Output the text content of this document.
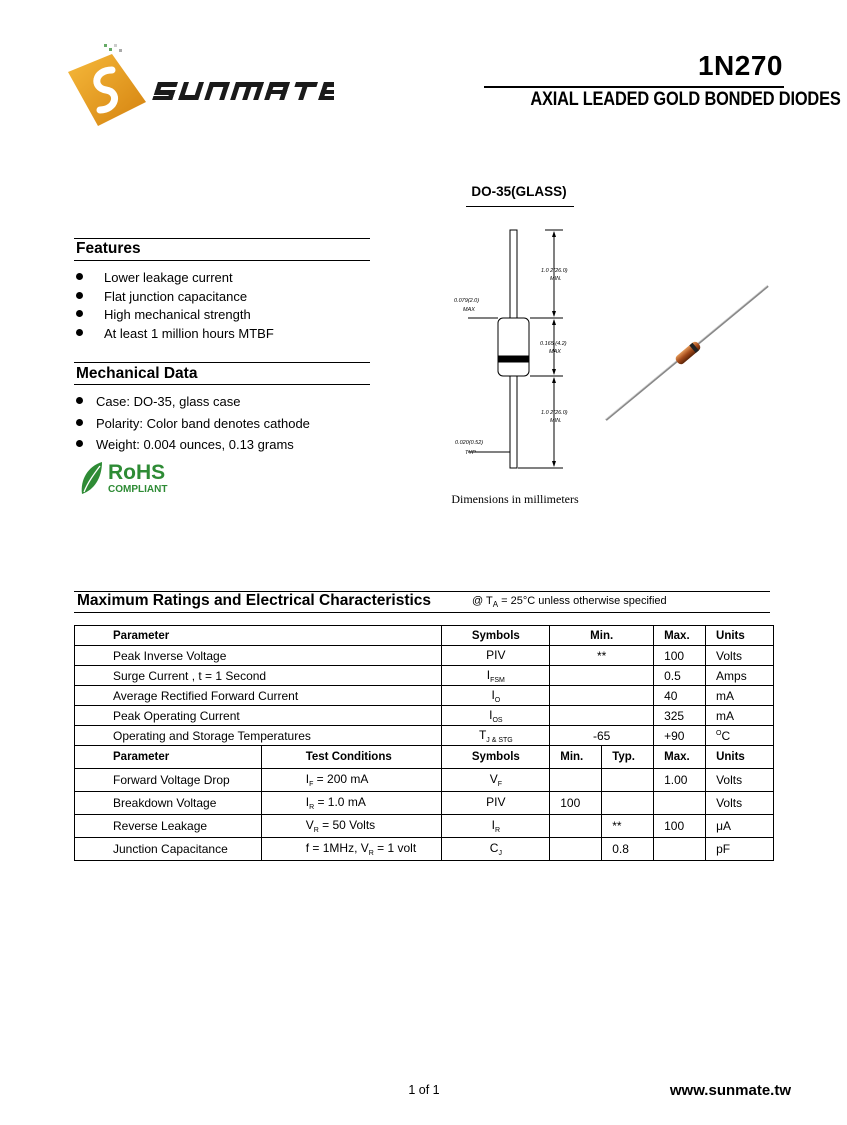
1N270
AXIAL LEADED GOLD BONDED DIODES
DO-35(GLASS)
1.0 2(26.0)
MIN.
0.079(2.0)
MAX
0.165 (4.2)
MAX
1.0 2(26.0)
MIN.
0.020(0.52)
TYP
Dimensions in millimeters
Features
Lower leakage current
Flat junction capacitance
High mechanical strength
At least 1 million hours MTBF
Mechanical Data
Case: DO-35, glass case
Polarity: Color band denotes cathode
Weight: 0.004 ounces, 0.13 grams
RoHS
COMPLIANT
Maximum Ratings and Electrical Characteristics	@ $T_A = 25^\circ C$ unless otherwise specified
Parameter	Symbols	Min.	Max.	Units
Peak Inverse Voltage	PIV	**	100	Volts
Surge Current , t = 1 Second	$I_{FSM}$		0.5	Amps
Average Rectified Forward Current	$I_O$		40	mA
Peak Operating Current	$I_{OS}$		325	mA
Operating and Storage Temperatures	$T_{J \& STG}$	-65	+90	$^O$C
Parameter	Test Conditions	Symbols	Min.	Typ.	Max.	Units
Forward Voltage Drop	$I_F = 200$ mA	$V_F$			1.00	Volts
Breakdown Voltage	$I_R = 1.0$ mA	PIV	100			Volts
Reverse Leakage	$V_R = 50$ Volts	$I_R$		**	100	μA
Junction Capacitance	f = 1MHz, $V_R = 1$ volt	$C_J$		0.8		pF
1 of 1	www.sunmate.tw
